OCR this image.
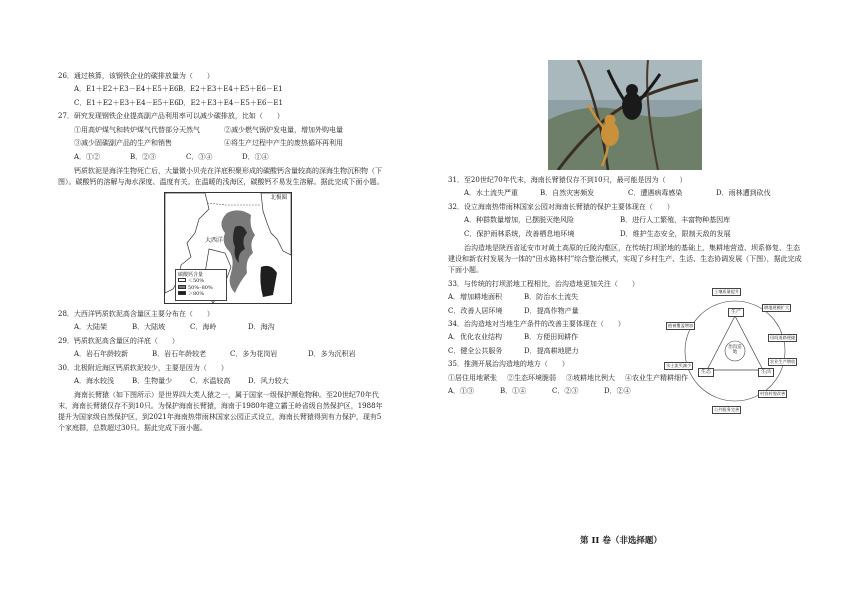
26．通过核算，该钢铁企业的碳排放量为（　　）
A．E1＋E2＋E3－E4＋E5＋E6B．E2＋E3＋E4＋E5＋E6－E1
C．E1＋E2＋E3＋E4－E5＋E6D．E2＋E3＋E4－E5＋E6－E1
27．研究发现钢铁企业提高副产品利用率可以减少碳排放，比如（　　）
①用高炉煤气和转炉煤气代替部分天然气	②减少燃气锅炉发电量，增加外购电量
③减少固碳副产品的生产和销售	④将生产过程中产生的废热循环再利用
A．①②	B．②③	C．③④	D．①④
钙质软泥是海洋生物死亡后，大量微小贝壳在洋底积聚形成的碳酸钙含量较高的深海生物沉积物（下图）。碳酸钙的溶解与海水深度、温度有关。在温暖的浅海区，碳酸钙不易发生溶解。据此完成下面小题。
北极圈
大西洋
碳酸钙含量
＜50%
50%–80%
＞80%
28．大西洋钙质软泥高含量区主要分布在（　　）
A．大陆架	B．大陆坡	C．海岭	D．海沟
29．钙质软泥高含量区的洋底（　　）
A．岩石年龄较新	B．岩石年龄较老	C．多为花岗岩	D．多为沉积岩
30．北极附近海区钙质软泥较少，主要是因为（　　）
A．海水较浅	B．生物量少	C．水温较高	D．风力较大
海南长臂猿（如下图所示）是世界四大类人猿之一，属于国家一级保护濒危物种。至20世纪70年代末，海南长臂猿仅存不到10只。为保护海南长臂猿，海南于1980年建立霸王岭省级自然保护区，1988年提升为国家级自然保护区，到2021年海南热带雨林国家公园正式设立，海南长臂猿得到有力保护，现有5个家庭群，总数超过30只。据此完成下面小题。
31．至20世纪70年代末，海南长臂猿仅存不到10只，最可能是因为（　　）
A．水土流失严重	B．自然灾害频发	C．遭遇病毒感染	D．雨林遭到砍伐
32．设立海南热带雨林国家公园对海南长臂猿的保护主要体现在（　　）
A．种群数量增加，已摆脱灭绝风险	B．进行人工繁殖，丰富物种基因库
C．保护雨林系统，改善栖息地环境	D．维护生态安全，限制天敌的发展
治沟造地是陕西省延安市对黄土高原的丘陵沟壑区，在传统打坝淤地的基础上，集耕地营造、坝系修复、生态建设和新农村发展为一体的“田水路林村”综合整治模式，实现了乡村生产、生活、生态协调发展（下图），据此完成下面小题。
33．与传统的打坝淤地工程相比，治沟造地更加关注（　　）
A．增加耕地面积	B．防治水土流失
C．改善人居环境	D．提高作物产量
34．治沟造地对当地生产条件的改善主要体现在（　　）
A．优化农业结构	B．方便田间耕作
C．健全公共服务	D．提高耕地肥力
35．推测开展治沟造地的地方（　　）
①居住用地紧张 ②生态环境脆弱 ③坡耕地比例大 ④农业生产精耕细作
A．①③	B．①④	C．②③	D．②④
治沟造地
生产
生态	生活
土壤质量提升
耕地规模扩大
田间道路便捷
农业生产增收
村容村貌改善
公共服务完善
水土流失减少
植被覆盖增加
第 II 卷（非选择题）
